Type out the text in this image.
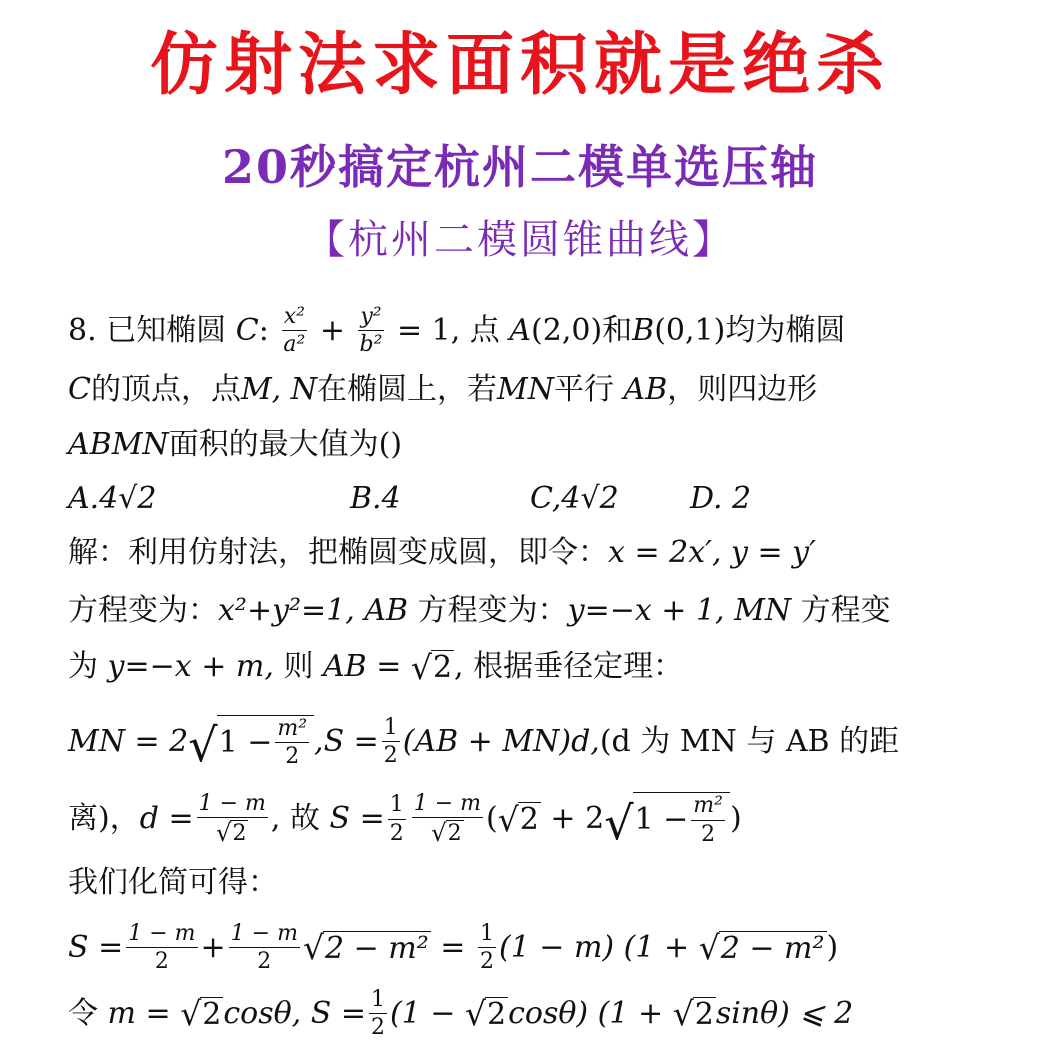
仿射法求面积就是绝杀
20秒搞定杭州二模单选压轴
【杭州二模圆锥曲线】
8. 已知椭圆
C :
$\frac{\text{x²}}{\text{a²}}$
+
$\frac{\text{y²}}{\text{b²}}$
= 1, 点
A (2,0)和 B (0,1)均为椭圆
C 的顶点，点 M, N 在椭圆上，若 MN 平行
AB ，则四边形
ABMN 面积的最大值为()
A.4√2	B.4	C,4√2	D. 2
解：利用仿射法，把椭圆变成圆，即令： x = 2x′, y = y′
方程变为： x²+y²=1, AB
方程变为： y=−x + 1, MN
方程变
为
y=−x + m,
则
AB =
√ 2 , 根据垂径定理：
MN = 2 √ $1 - \frac{\text{m²}}{2} ,S = \frac{1}{2} (AB + MN)d$, (d 为 MN 与 AB 的距
离)， $d = \frac{1 - m}{√ 2}$ , 故
$S = \frac{1}{2} \frac{1 - m}{√ 2}$ ( √ 2
+ 2 √ $1 - \frac{\text{m²}}{2}$ )
我们化简可得：
$S = \frac{1 - m}{2} + \frac{1 - m}{2}$ √ 2 − m²
=
$\frac{1}{2} (1 - m) (1$ +
√ 2 − m² )
令
m =
√ 2 cosθ, $S = \frac{1}{2} (1$ −
√ 2 cosθ) (1 +
√ 2 sinθ) ⩽ 2
